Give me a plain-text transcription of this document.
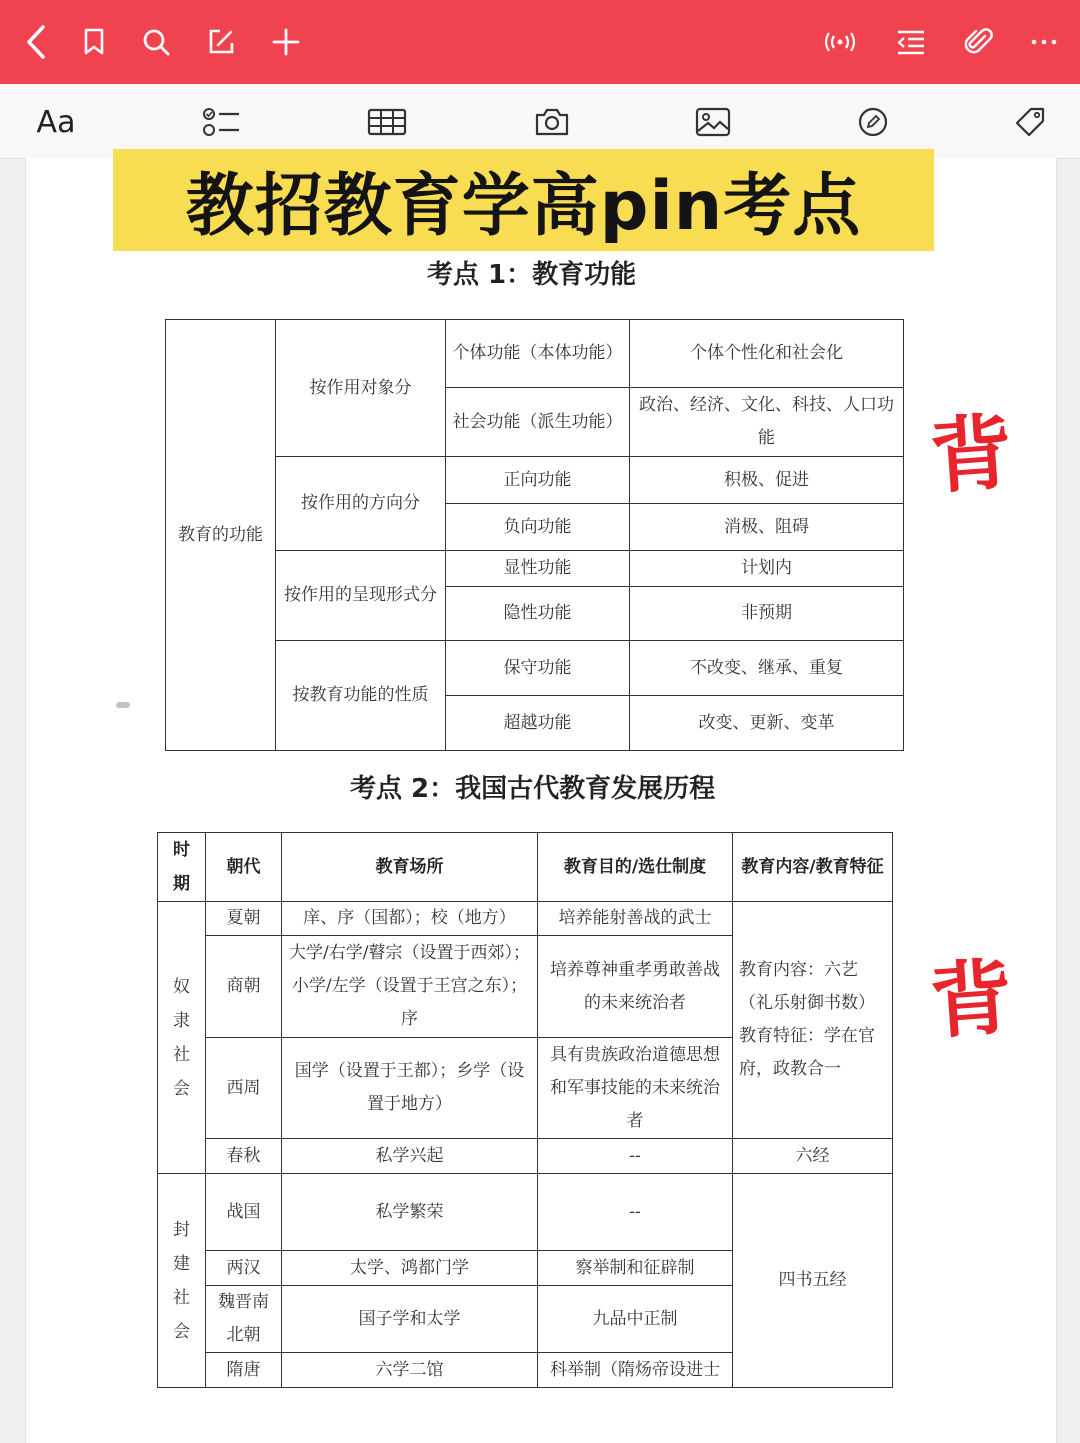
Aa
教招教育学高pin考点
考点 1：教育功能
教育的功能	按作用对象分	个体功能（本体功能）	个体个性化和社会化
		社会功能（派生功能）	政治、经济、文化、科技、人口功能
	按作用的方向分	正向功能	积极、促进
		负向功能	消极、阻碍
	按作用的呈现形式分	显性功能	计划内
		隐性功能	非预期
	按教育功能的性质	保守功能	不改变、继承、重复
		超越功能	改变、更新、变革
考点 2：我国古代教育发展历程
时期	朝代	教育场所	教育目的/选仕制度	教育内容/教育特征

奴隶社会	夏朝	庠、序（国都）；校（地方）	培养能射善战的武士	教育内容：六艺（礼乐射御书数）教育特征：学在官府，政教合一
	商朝	大学/右学/瞽宗（设置于西郊）；小学/左学（设置于王宫之东）；序	培养尊神重孝勇敢善战的未来统治者	
	西周	国学（设置于王都）；乡学（设置于地方）	具有贵族政治道德思想和军事技能的未来统治者	
	春秋	私学兴起	--	六经

封建社会	战国	私学繁荣	--	四书五经
	两汉	太学、鸿都门学	察举制和征辟制	

	魏晋南北朝	国子学和太学	九品中正制	
	隋唐	六学二馆	科举制（隋炀帝设进士	
背
背
